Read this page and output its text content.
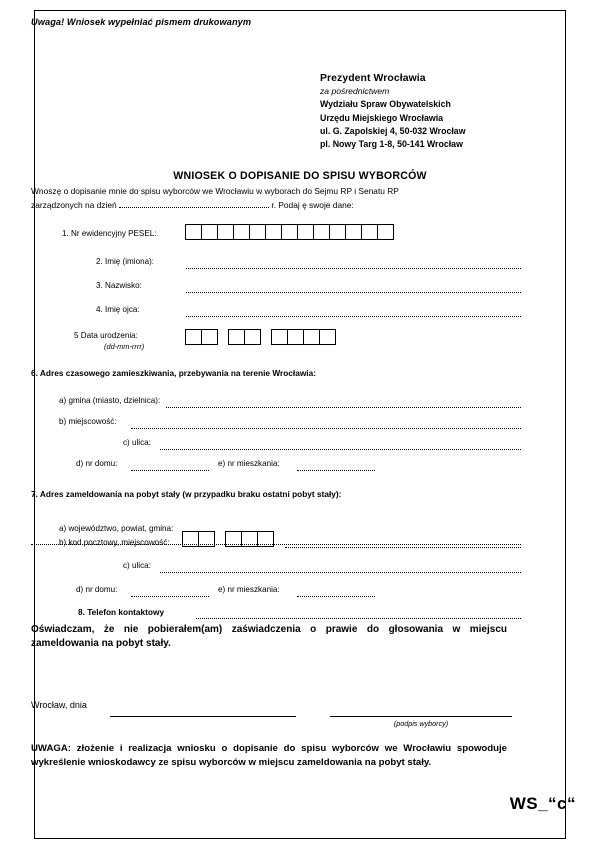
Uwaga! Wniosek wypełniać pismem drukowanym
Prezydent Wrocławia
za pośrednictwem
Wydziału Spraw Obywatelskich
Urzędu Miejskiego Wrocławia
ul. G. Zapolskiej 4, 50-032 Wrocław
pl. Nowy Targ 1-8, 50-141 Wrocław
WNIOSEK O DOPISANIE DO SPISU WYBORCÓW
Wnoszę o dopisanie mnie do spisu wyborców we Wrocławiu w wyborach do Sejmu RP i Senatu RP
zarządzonych na dzień	r. Podaj ę swoje dane:
1. Nr ewidencyjny PESEL:
2. Imię (imiona):
3. Nazwisko:
4. Imię ojca:
5 Data urodzenia:
(dd-mm-rrrr)
6. Adres czasowego zamieszkiwania, przebywania na terenie Wrocławia:
a) gmina (miasto, dzielnica):
b) miejscowość:
c) ulica:
d) nr domu:	e) nr mieszkania:
7. Adres zameldowania na pobyt stały (w przypadku braku ostatni pobyt stały):
a) województwo, powiat, gmina:
b) kod pocztowy, miejscowość:
c) ulica:
d) nr domu:	e) nr mieszkania:
8. Telefon kontaktowy
Oświadczam, że nie pobierałem(am) zaświadczenia o prawie do głosowania w miejscu zameldowania na pobyt stały.
Wrocław, dnia
(podpis wyborcy)
UWAGA: złożenie i realizacja wniosku o dopisanie do spisu wyborców we Wrocławiu spowoduje wykreślenie wnioskodawcy ze spisu wyborców w miejscu zameldowania na pobyt stały.
WS_“c“
